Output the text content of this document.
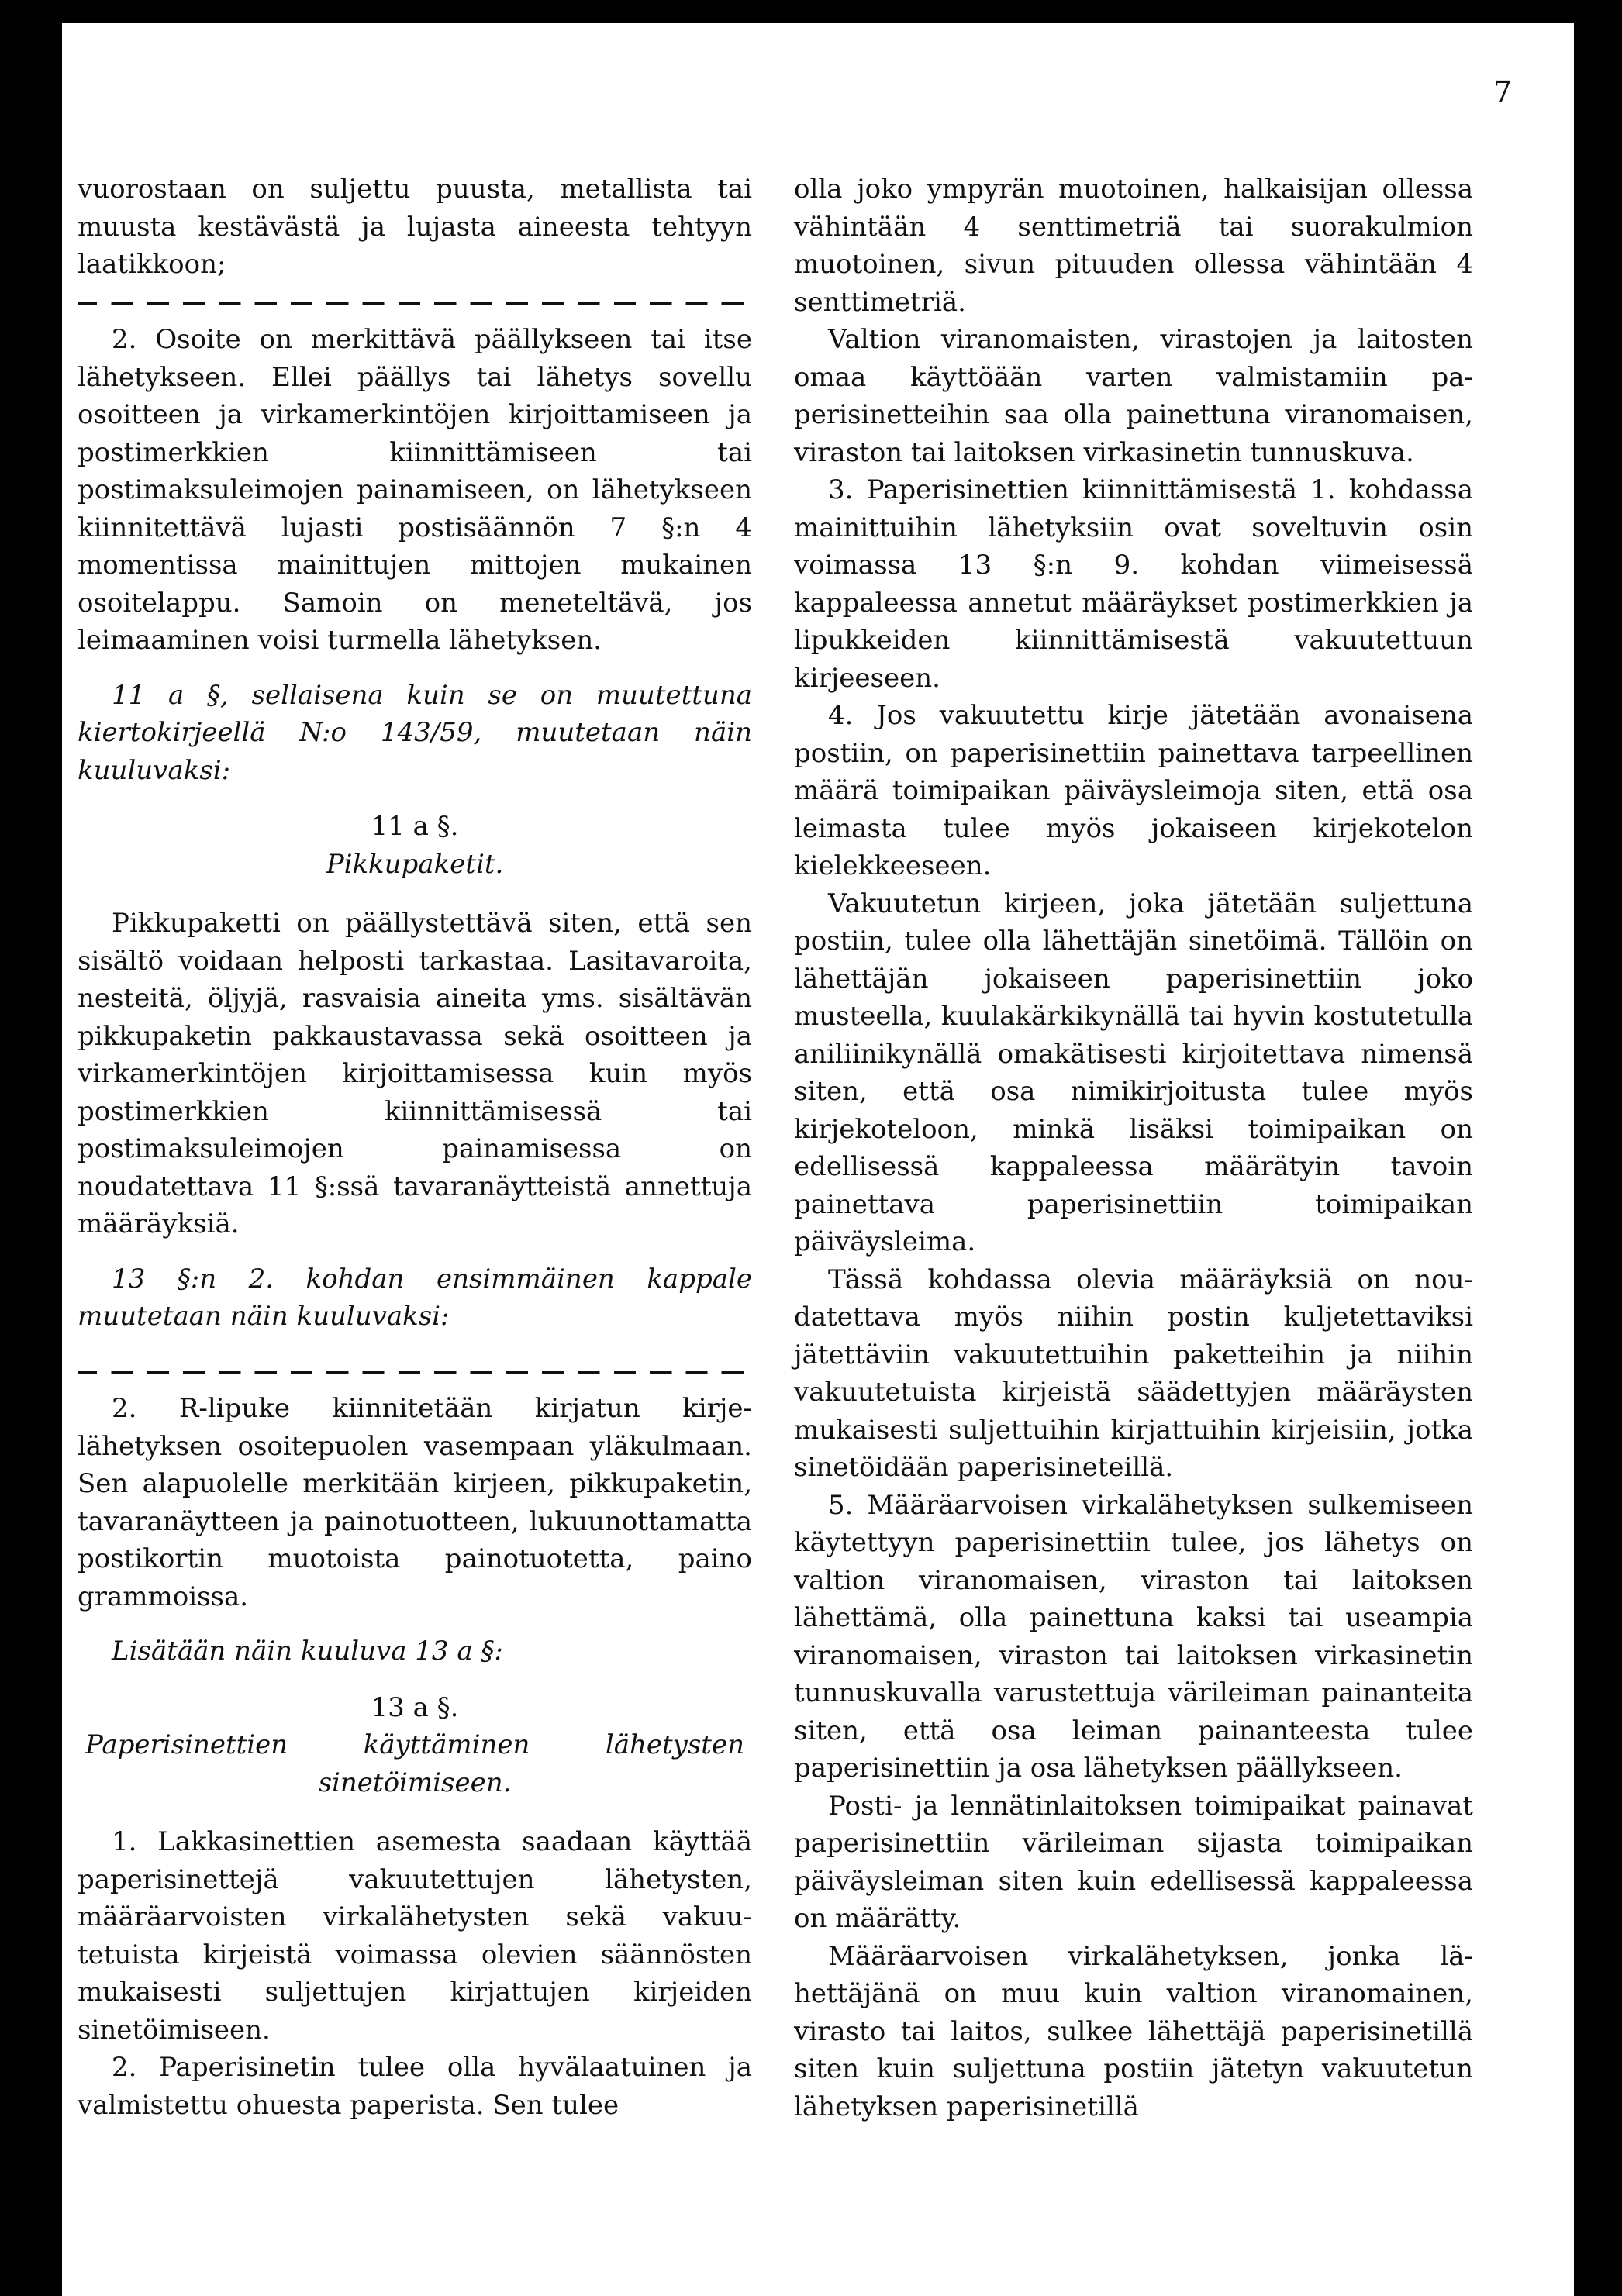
7

vuorostaan on suljettu puusta, metallista tai muusta kestävästä ja lujasta aineesta tehtyyn laatikkoon;

2. Osoite on merkittävä päällykseen tai itse lähetykseen. Ellei päällys tai lähetys sovellu osoitteen ja virkamerkintöjen kirjoittamiseen ja postimerkkien kiinnittämiseen tai postimaksuleimojen painamiseen, on lähetykseen kiinnitettävä lujasti postisäännön 7 §:n 4 momentissa mainittujen mittojen mukainen osoitelappu. Samoin on meneteltävä, jos leimaaminen voisi turmella lähetyksen.

11 a §, sellaisena kuin se on muutettuna kiertokirjeellä N:o 143/59, muutetaan näin kuuluvaksi:

11 a §.

Pikkupaketit.

Pikkupaketti on päällystettävä siten, että sen sisältö voidaan helposti tarkastaa. Lasitavaroita, nesteitä, öljyjä, rasvaisia aineita yms. sisältävän pikkupaketin pakkaustavassa sekä osoitteen ja virkamerkintöjen kirjoittamisessa kuin myös postimerkkien kiinnittämisessä tai postimaksuleimojen painamisessa on noudatettava 11 §:ssä tavaranäytteistä annettuja määräyksiä.

13 §:n 2. kohdan ensimmäinen kappale muutetaan näin kuuluvaksi:

2. R-lipuke kiinnitetään kirjatun kirjelähetyksen osoitepuolen vasempaan yläkulmaan. Sen alapuolelle merkitään kirjeen, pikkupaketin, tavaranäytteen ja painotuotteen, lukuunottamatta postikortin muotoista painotuotetta, paino grammoissa.

Lisätään näin kuuluva 13 a §:

13 a §.

Paperisinettien käyttäminen lähetysten sinetöimiseen.

1. Lakkasinettien asemesta saadaan käyttää paperisinettejä vakuutettujen lähetysten, määräarvoisten virkalähetysten sekä vakuutetuista kirjeistä voimassa olevien säännösten mukaisesti suljettujen kirjattujen kirjeiden sinetöimiseen.

2. Paperisinetin tulee olla hyvälaatuinen ja valmistettu ohuesta paperista. Sen tulee

olla joko ympyrän muotoinen, halkaisijan ollessa vähintään 4 senttimetriä tai suorakulmion muotoinen, sivun pituuden ollessa vähintään 4 senttimetriä.

Valtion viranomaisten, virastojen ja laitosten omaa käyttöään varten valmistamiin paperisinetteihin saa olla painettuna viranomaisen, viraston tai laitoksen virkasinetin tunnuskuva.

3. Paperisinettien kiinnittämisestä 1. kohdassa mainittuihin lähetyksiin ovat soveltuvin osin voimassa 13 §:n 9. kohdan viimeisessä kappaleessa annetut määräykset postimerkkien ja lipukkeiden kiinnittämisestä vakuutettuun kirjeeseen.

4. Jos vakuutettu kirje jätetään avonaisena postiin, on paperisinettiin painettava tarpeellinen määrä toimipaikan päiväysleimoja siten, että osa leimasta tulee myös jokaiseen kirjekotelon kielekkeeseen.

Vakuutetun kirjeen, joka jätetään suljettuna postiin, tulee olla lähettäjän sinetöimä. Tällöin on lähettäjän jokaiseen paperisinettiin joko musteella, kuulakärkikynällä tai hyvin kostutetulla aniliinikynällä omakätisesti kirjoitettava nimensä siten, että osa nimikirjoitusta tulee myös kirjekoteloon, minkä lisäksi toimipaikan on edellisessä kappaleessa määrätyin tavoin painettava paperisinettiin toimipaikan päiväysleima.

Tässä kohdassa olevia määräyksiä on noudatettava myös niihin postin kuljetettaviksi jätettäviin vakuutettuihin paketteihin ja niihin vakuutetuista kirjeistä säädettyjen määräysten mukaisesti suljettuihin kirjattuihin kirjeisiin, jotka sinetöidään paperisineteillä.

5. Määräarvoisen virkalähetyksen sulkemiseen käytettyyn paperisinettiin tulee, jos lähetys on valtion viranomaisen, viraston tai laitoksen lähettämä, olla painettuna kaksi tai useampia viranomaisen, viraston tai laitoksen virkasinetin tunnuskuvalla varustettuja värileiman painanteita siten, että osa leiman painanteesta tulee paperisinettiin ja osa lähetyksen päällykseen.

Posti- ja lennätinlaitoksen toimipaikat painavat paperisinettiin värileiman sijasta toimipaikan päiväysleiman siten kuin edellisessä kappaleessa on määrätty.

Määräarvoisen virkalähetyksen, jonka lähettäjänä on muu kuin valtion viranomainen, virasto tai laitos, sulkee lähettäjä paperisinetillä siten kuin suljettuna postiin jätetyn vakuutetun lähetyksen paperisinetillä
